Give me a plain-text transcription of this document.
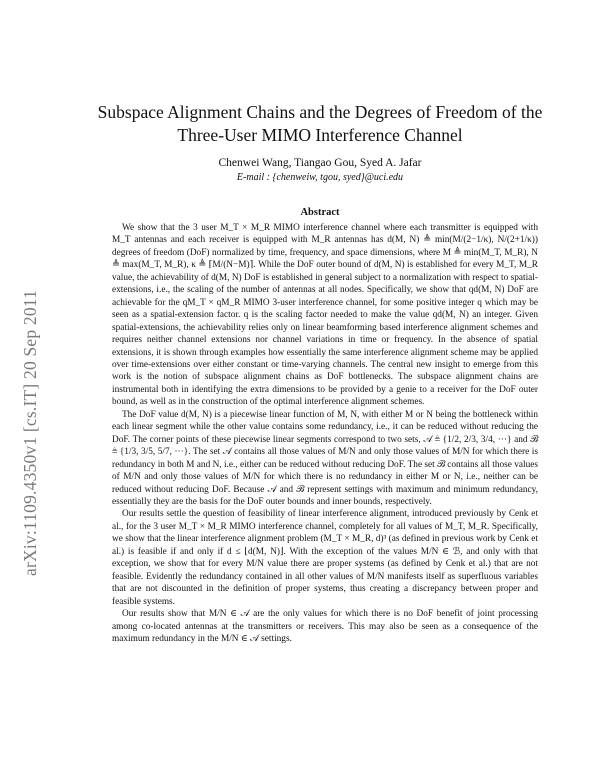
arXiv:1109.4350v1 [cs.IT] 20 Sep 2011
Subspace Alignment Chains and the Degrees of Freedom of the
Three-User MIMO Interference Channel
Chenwei Wang, Tiangao Gou, Syed A. Jafar
E-mail : {chenweiw, tgou, syed}@uci.edu
Abstract

We show that the 3 user M_T × M_R MIMO interference channel where each transmitter is equipped with M_T antennas and each receiver is equipped with M_R antennas has d(M, N) ≜ min(M/(2−1/κ), N/(2+1/κ)) degrees of freedom (DoF) normalized by time, frequency, and space dimensions, where M ≜ min(M_T, M_R), N ≜ max(M_T, M_R), κ ≜ ⌈M/(N−M)⌉. While the DoF outer bound of d(M, N) is established for every M_T, M_R value, the achievability of d(M, N) DoF is established in general subject to a normalization with respect to spatial-extensions, i.e., the scaling of the number of antennas at all nodes. Specifically, we show that qd(M, N) DoF are achievable for the qM_T × qM_R MIMO 3-user interference channel, for some positive integer q which may be seen as a spatial-extension factor. q is the scaling factor needed to make the value qd(M, N) an integer. Given spatial-extensions, the achievability relies only on linear beamforming based interference alignment schemes and requires neither channel extensions nor channel variations in time or frequency. In the absence of spatial extensions, it is shown through examples how essentially the same interference alignment scheme may be applied over time-extensions over either constant or time-varying channels. The central new insight to emerge from this work is the notion of subspace alignment chains as DoF bottlenecks. The subspace alignment chains are instrumental both in identifying the extra dimensions to be provided by a genie to a receiver for the DoF outer bound, as well as in the construction of the optimal interference alignment schemes.

The DoF value d(M, N) is a piecewise linear function of M, N, with either M or N being the bottleneck within each linear segment while the other value contains some redundancy, i.e., it can be reduced without reducing the DoF. The corner points of these piecewise linear segments correspond to two sets, 𝒜 ≜ {1/2, 2/3, 3/4, ···} and ℬ ≜ {1/3, 3/5, 5/7, ···}. The set 𝒜 contains all those values of M/N and only those values of M/N for which there is redundancy in both M and N, i.e., either can be reduced without reducing DoF. The set ℬ contains all those values of M/N and only those values of M/N for which there is no redundancy in either M or N, i.e., neither can be reduced without reducing DoF. Because 𝒜 and ℬ represent settings with maximum and minimum redundancy, essentially they are the basis for the DoF outer bounds and inner bounds, respectively.

Our results settle the question of feasibility of linear interference alignment, introduced previously by Cenk et al., for the 3 user M_T × M_R MIMO interference channel, completely for all values of M_T, M_R. Specifically, we show that the linear interference alignment problem (M_T × M_R, d)³ (as defined in previous work by Cenk et al.) is feasible if and only if d ≤ ⌊d(M, N)⌋. With the exception of the values M/N ∈ ℬ, and only with that exception, we show that for every M/N value there are proper systems (as defined by Cenk et al.) that are not feasible. Evidently the redundancy contained in all other values of M/N manifests itself as superfluous variables that are not discounted in the definition of proper systems, thus creating a discrepancy between proper and feasible systems.

Our results show that M/N ∈ 𝒜 are the only values for which there is no DoF benefit of joint processing among co-located antennas at the transmitters or receivers. This may also be seen as a consequence of the maximum redundancy in the M/N ∈ 𝒜 settings.
